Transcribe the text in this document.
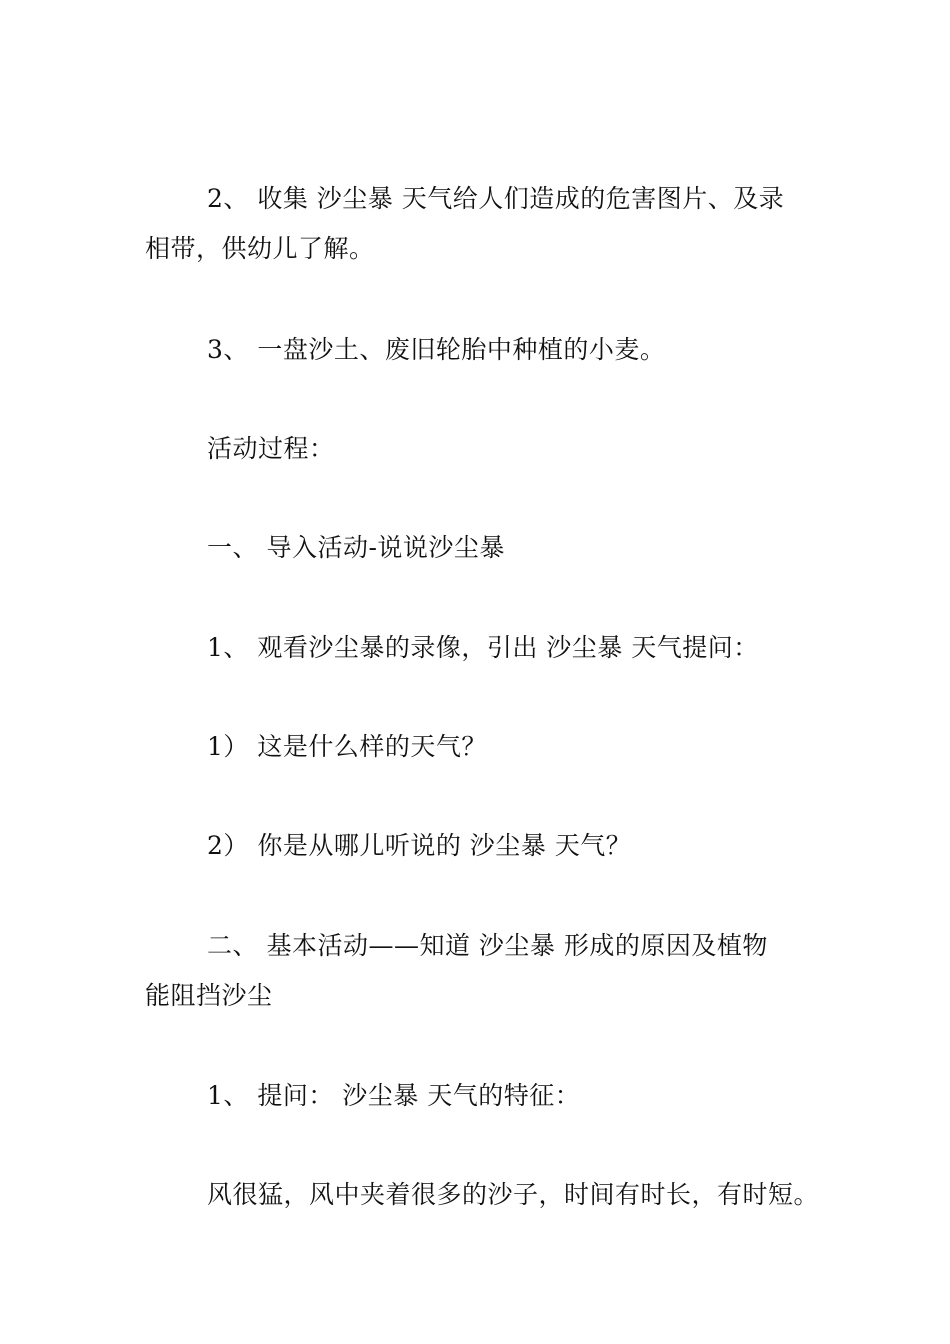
2、 收集 沙尘暴 天气给人们造成的危害图片、及录
相带，供幼儿了解。
3、 一盘沙土、废旧轮胎中种植的小麦。
活动过程：
一、 导入活动-说说沙尘暴
1、 观看沙尘暴的录像，引出 沙尘暴 天气提问：
1） 这是什么样的天气？
2） 你是从哪儿听说的 沙尘暴 天气？
二、 基本活动——知道 沙尘暴 形成的原因及植物
能阻挡沙尘
1、 提问： 沙尘暴 天气的特征：
风很猛，风中夹着很多的沙子，时间有时长，有时短。
